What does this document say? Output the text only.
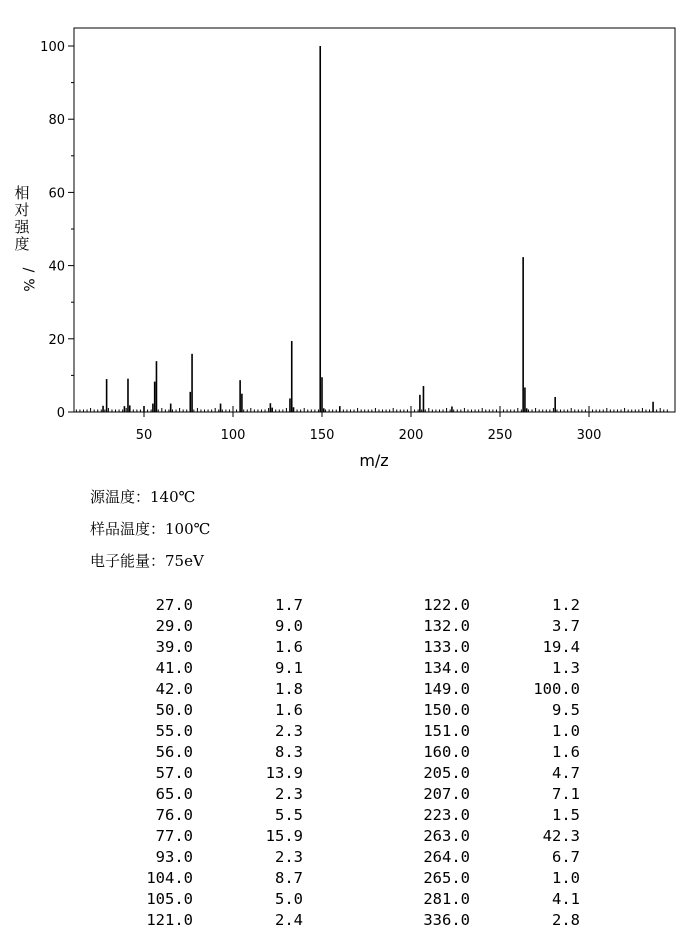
0
20
40
60
80
100
50	100	150	200	250	300
m/z
相
对
强
度
/
%
源温度：140℃
样品温度：100℃
电子能量：75eV
27.0	1.7	122.0	1.2
29.0	9.0	132.0	3.7
39.0	1.6	133.0	19.4
41.0	9.1	134.0	1.3
42.0	1.8	149.0	100.0
50.0	1.6	150.0	9.5
55.0	2.3	151.0	1.0
56.0	8.3	160.0	1.6
57.0	13.9	205.0	4.7
65.0	2.3	207.0	7.1
76.0	5.5	223.0	1.5
77.0	15.9	263.0	42.3
93.0	2.3	264.0	6.7
104.0	8.7	265.0	1.0
105.0	5.0	281.0	4.1
121.0	2.4	336.0	2.8
